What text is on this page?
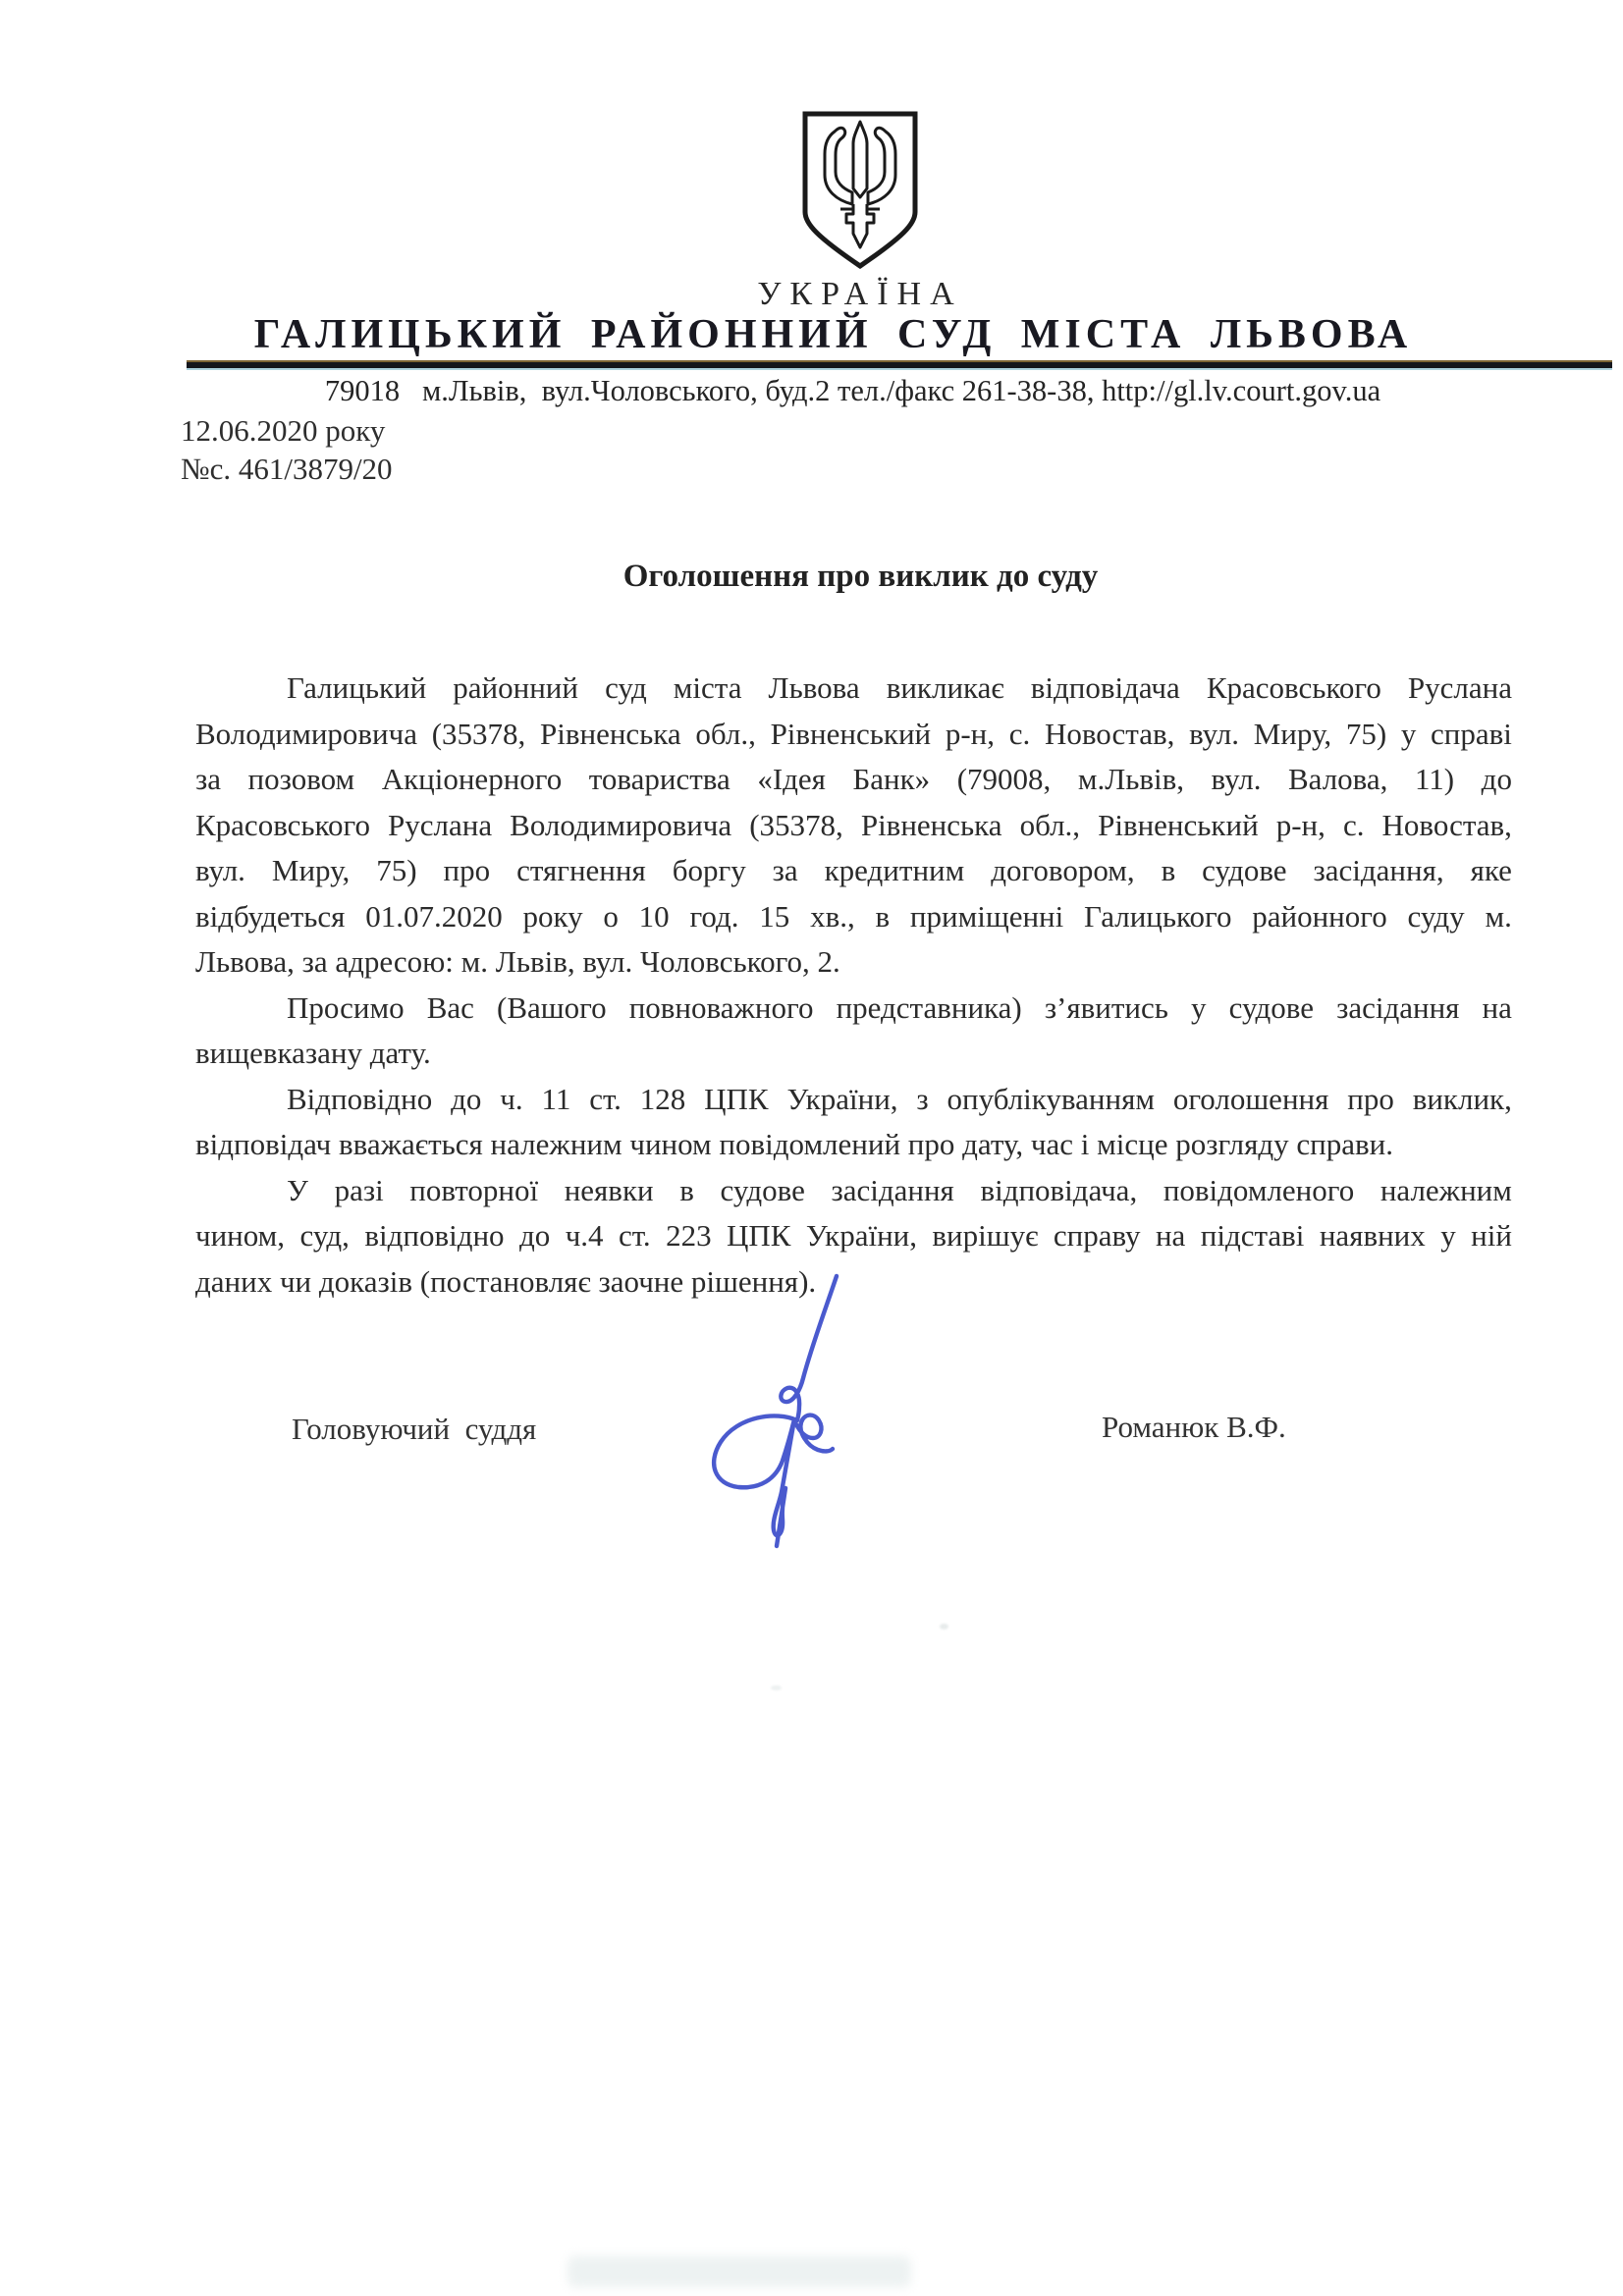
УКРАЇНА
ГАЛИЦЬКИЙ РАЙОННИЙ СУД МІСТА ЛЬВОВА
79018   м.Львів,  вул.Чоловського, буд.2 тел./факс 261-38-38, http://gl.lv.court.gov.ua
12.06.2020 року
№с. 461/3879/20
Оголошення про виклик до суду
Галицький районний суд міста Львова викликає відповідача Красовського Руслана
Володимировича (35378, Рівненська обл., Рівненський р-н, с. Новостав, вул. Миру, 75) у справі
за позовом Акціонерного товариства «Ідея Банк» (79008, м.Львів, вул. Валова, 11) до
Красовського Руслана Володимировича (35378, Рівненська обл., Рівненський р-н, с. Новостав,
вул. Миру, 75) про стягнення боргу за кредитним договором, в судове засідання, яке
відбудеться 01.07.2020 року о 10 год. 15 хв., в приміщенні Галицького районного суду м.
Львова, за адресою: м. Львів, вул. Чоловського, 2.
Просимо Вас (Вашого повноважного представника) з’явитись у судове засідання на
вищевказану дату.
Відповідно до ч. 11 ст. 128 ЦПК України, з опублікуванням оголошення про виклик,
відповідач вважається належним чином повідомлений про дату, час і місце розгляду справи.
У разі повторної неявки в судове засідання відповідача, повідомленого належним
чином, суд, відповідно до ч.4 ст. 223 ЦПК України, вирішує справу на підставі наявних у ній
даних чи доказів (постановляє заочне рішення).
Головуючий  суддя	Романюк В.Ф.
